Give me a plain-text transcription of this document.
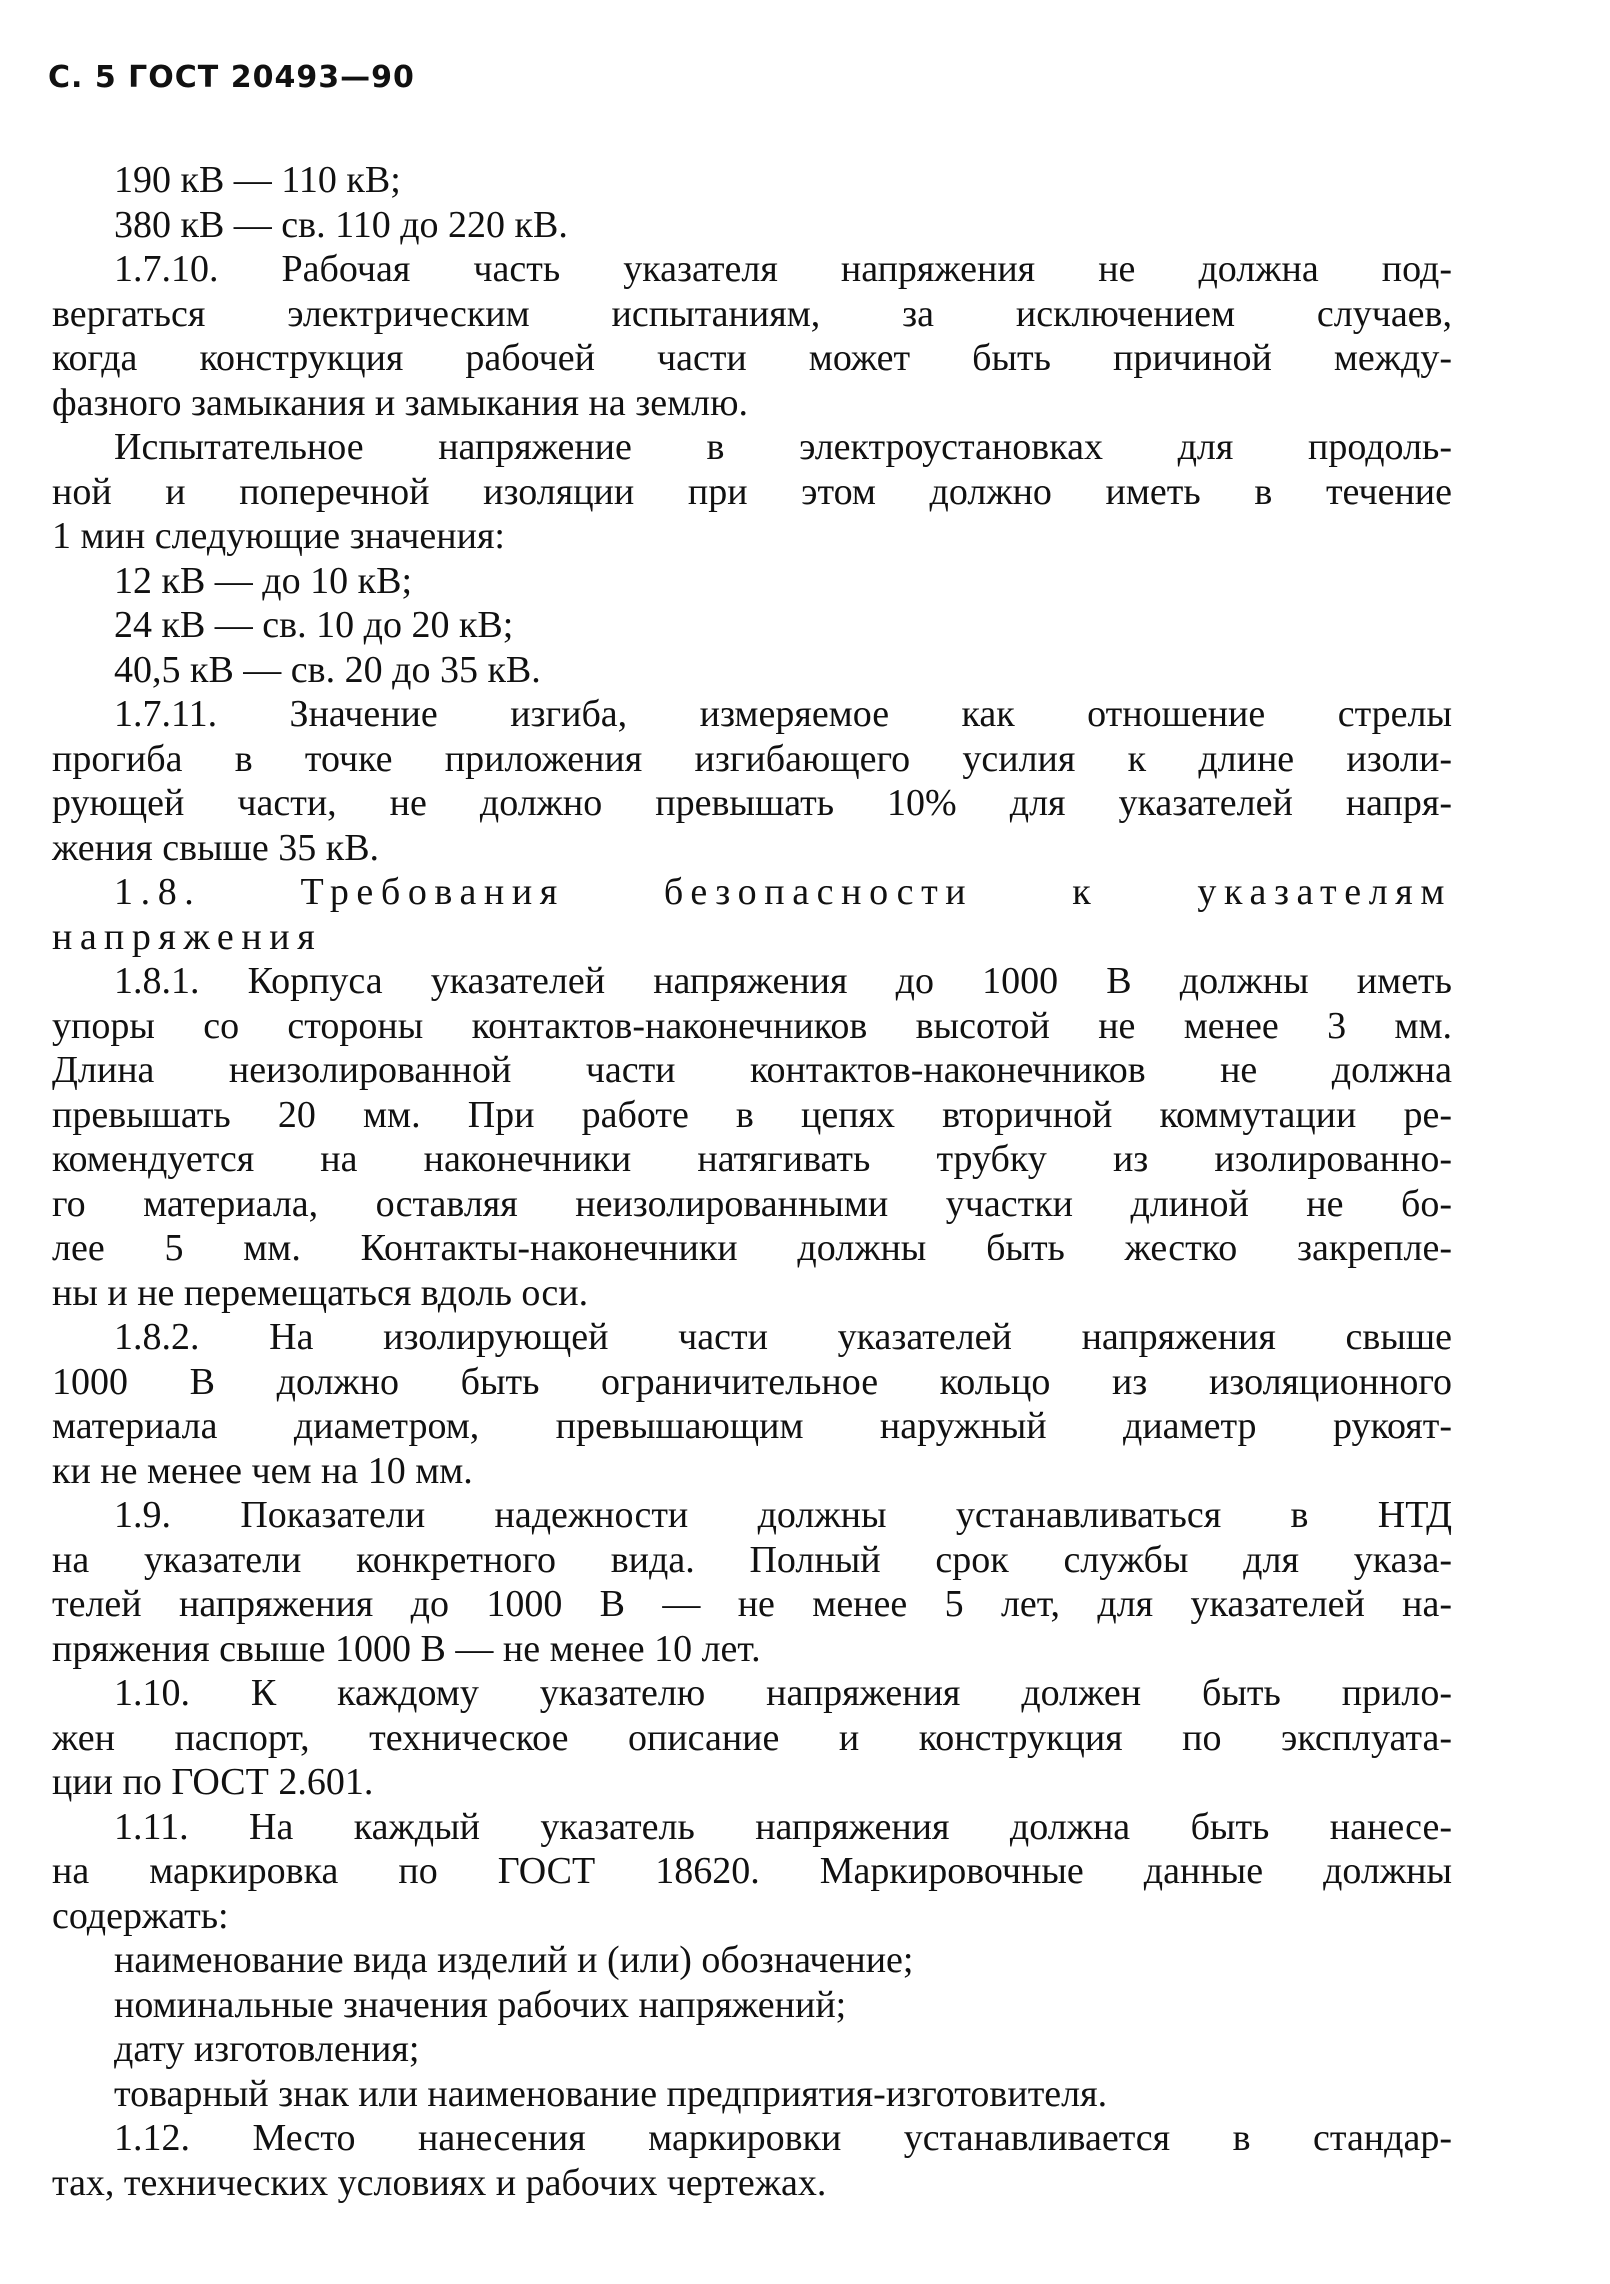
С. 5 ГОСТ 20493—90
190 кВ — 110 кВ;
380 кВ — св. 110 до 220 кВ.
1.7.10. Рабочая часть указателя напряжения не должна под-
вергаться электрическим испытаниям, за исключением случаев,
когда конструкция рабочей части может быть причиной между-
фазного замыкания и замыкания на землю.
Испытательное напряжение в электроустановках для продоль-
ной и поперечной изоляции при этом должно иметь в течение
1 мин следующие значения:
12 кВ — до 10 кВ;
24 кВ — св. 10 до 20 кВ;
40,5 кВ — св. 20 до 35 кВ.
1.7.11. Значение изгиба, измеряемое как отношение стрелы
прогиба в точке приложения изгибающего усилия к длине изоли-
рующей части, не должно превышать 10% для указателей напря-
жения свыше 35 кВ.
1.8. Требования безопасности к указателям
напряжения
1.8.1. Корпуса указателей напряжения до 1000 В должны иметь
упоры со стороны контактов-наконечников высотой не менее 3 мм.
Длина неизолированной части контактов-наконечников не должна
превышать 20 мм. При работе в цепях вторичной коммутации ре-
комендуется на наконечники натягивать трубку из изолированно-
го материала, оставляя неизолированными участки длиной не бо-
лее 5 мм. Контакты-наконечники должны быть жестко закрепле-
ны и не перемещаться вдоль оси.
1.8.2. На изолирующей части указателей напряжения свыше
1000 В должно быть ограничительное кольцо из изоляционного
материала диаметром, превышающим наружный диаметр рукоят-
ки не менее чем на 10 мм.
1.9. Показатели надежности должны устанавливаться в НТД
на указатели конкретного вида. Полный срок службы для указа-
телей напряжения до 1000 В — не менее 5 лет, для указателей на-
пряжения свыше 1000 В — не менее 10 лет.
1.10. К каждому указателю напряжения должен быть прило-
жен паспорт, техническое описание и конструкция по эксплуата-
ции по ГОСТ 2.601.
1.11. На каждый указатель напряжения должна быть нанесе-
на маркировка по ГОСТ 18620. Маркировочные данные должны
содержать:
наименование вида изделий и (или) обозначение;
номинальные значения рабочих напряжений;
дату изготовления;
товарный знак или наименование предприятия-изготовителя.
1.12. Место нанесения маркировки устанавливается в стандар-
тах, технических условиях и рабочих чертежах.
